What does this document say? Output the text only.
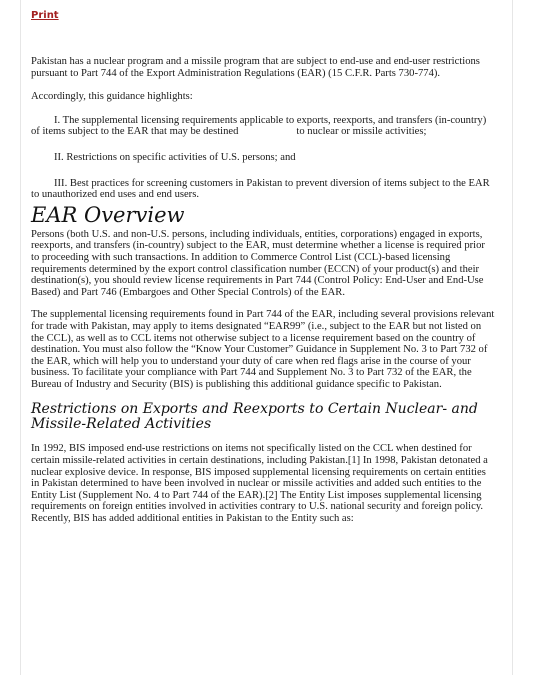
Print

Pakistan has a nuclear program and a missile program that are subject to end-use and end-user restrictions pursuant to Part 744 of the Export Administration Regulations (EAR) (15 C.F.R. Parts 730-774).

Accordingly, this guidance highlights:

I. The supplemental licensing requirements applicable to exports, reexports, and transfers (in-country) of items subject to the EAR that may be destined	to nuclear or missile activities;

II. Restrictions on specific activities of U.S. persons; and

III. Best practices for screening customers in Pakistan to prevent diversion of items subject to the EAR to unauthorized end uses and end users.

EAR Overview

Persons (both U.S. and non-U.S. persons, including individuals, entities, corporations) engaged in exports, reexports, and transfers (in-country) subject to the EAR, must determine whether a license is required prior to proceeding with such transactions. In addition to Commerce Control List (CCL)-based licensing requirements determined by the export control classification number (ECCN) of your product(s) and their destination(s), you should review license requirements in Part 744 (Control Policy: End-User and End-Use Based) and Part 746 (Embargoes and Other Special Controls) of the EAR.

The supplemental licensing requirements found in Part 744 of the EAR, including several provisions relevant for trade with Pakistan, may apply to items designated “EAR99” (i.e., subject to the EAR but not listed on the CCL), as well as to CCL items not otherwise subject to a license requirement based on the country of destination. You must also follow the “Know Your Customer” Guidance in Supplement No. 3 to Part 732 of the EAR, which will help you to understand your duty of care when red flags arise in the course of your business. To facilitate your compliance with Part 744 and Supplement No. 3 to Part 732 of the EAR, the Bureau of Industry and Security (BIS) is publishing this additional guidance specific to Pakistan.

Restrictions on Exports and Reexports to Certain Nuclear- and Missile-Related Activities

In 1992, BIS imposed end-use restrictions on items not specifically listed on the CCL when destined for certain missile-related activities in certain destinations, including Pakistan.[1] In 1998, Pakistan detonated a nuclear explosive device. In response, BIS imposed supplemental licensing requirements on certain entities in Pakistan determined to have been involved in nuclear or missile activities and added such entities to the Entity List (Supplement No. 4 to Part 744 of the EAR).[2] The Entity List imposes supplemental licensing requirements on foreign entities involved in activities contrary to U.S. national security and foreign policy. Recently, BIS has added additional entities in Pakistan to the Entity such as:
